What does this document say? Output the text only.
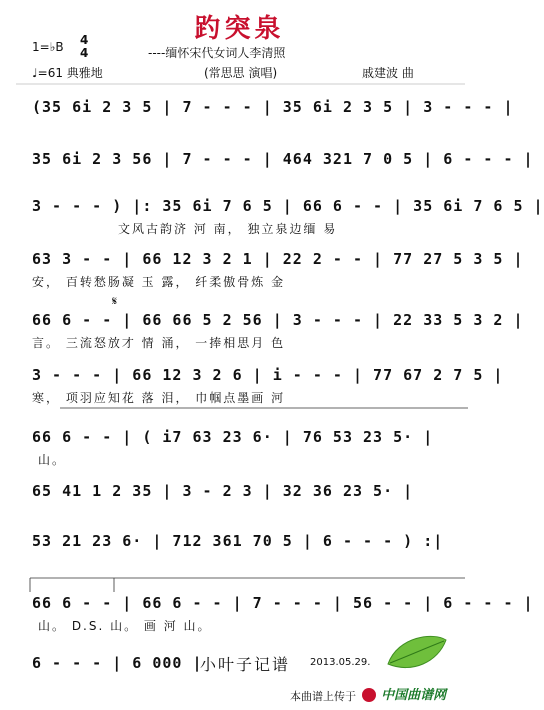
趵突泉
1=♭B 4
4	----缅怀宋代女词人李清照
♩=61 典雅地	(常思思 演唱)	戚建波 曲
(35 6i 2 3 5 | 7 - - - | 35 6i 2 3 5 | 3 - - - |
35 6i 2 3 56 | 7 - - - | 464 321 7 0 5 | 6 - - - |
3 - - - ) |: 35 6i 7 6 5 | 66 6 - - | 35 6i 7 6 5 |
文风古韵济 河 南， 独立泉边缅 易
63 3 - - | 66 12 3 2 1 | 22 2 - - | 77 27 5 3 5 |
安， 百转愁肠凝 玉 露， 纤柔傲骨炼 金
𝄋
66 6 - - | 66 66 5 2 56 | 3 - - - | 22 33 5 3 2 |
言。 三流怒放才 情 涌， 一捧相思月 色
3 - - - | 66 12 3 2 6 | i - - - | 77 67 2 7 5 |
寒， 项羽应知花 落 泪， 巾帼点墨画 河
66 6 - - | ( i7 63 23 6· | 76 53 23 5· |
山。
65 41 1 2 35 | 3 - 2 3 | 32 36 23 5· |
53 21 23 6· | 712 361 70 5 | 6 - - - ) :|
66 6 - - | 66 6 - - | 7 - - - | 56 - - | 6 - - - |
山。 D.S. 山。 画 河 山。
6 - - - | 6 000 |
小叶子记谱 2013.05.29.
本曲谱上传于	中国曲谱网
